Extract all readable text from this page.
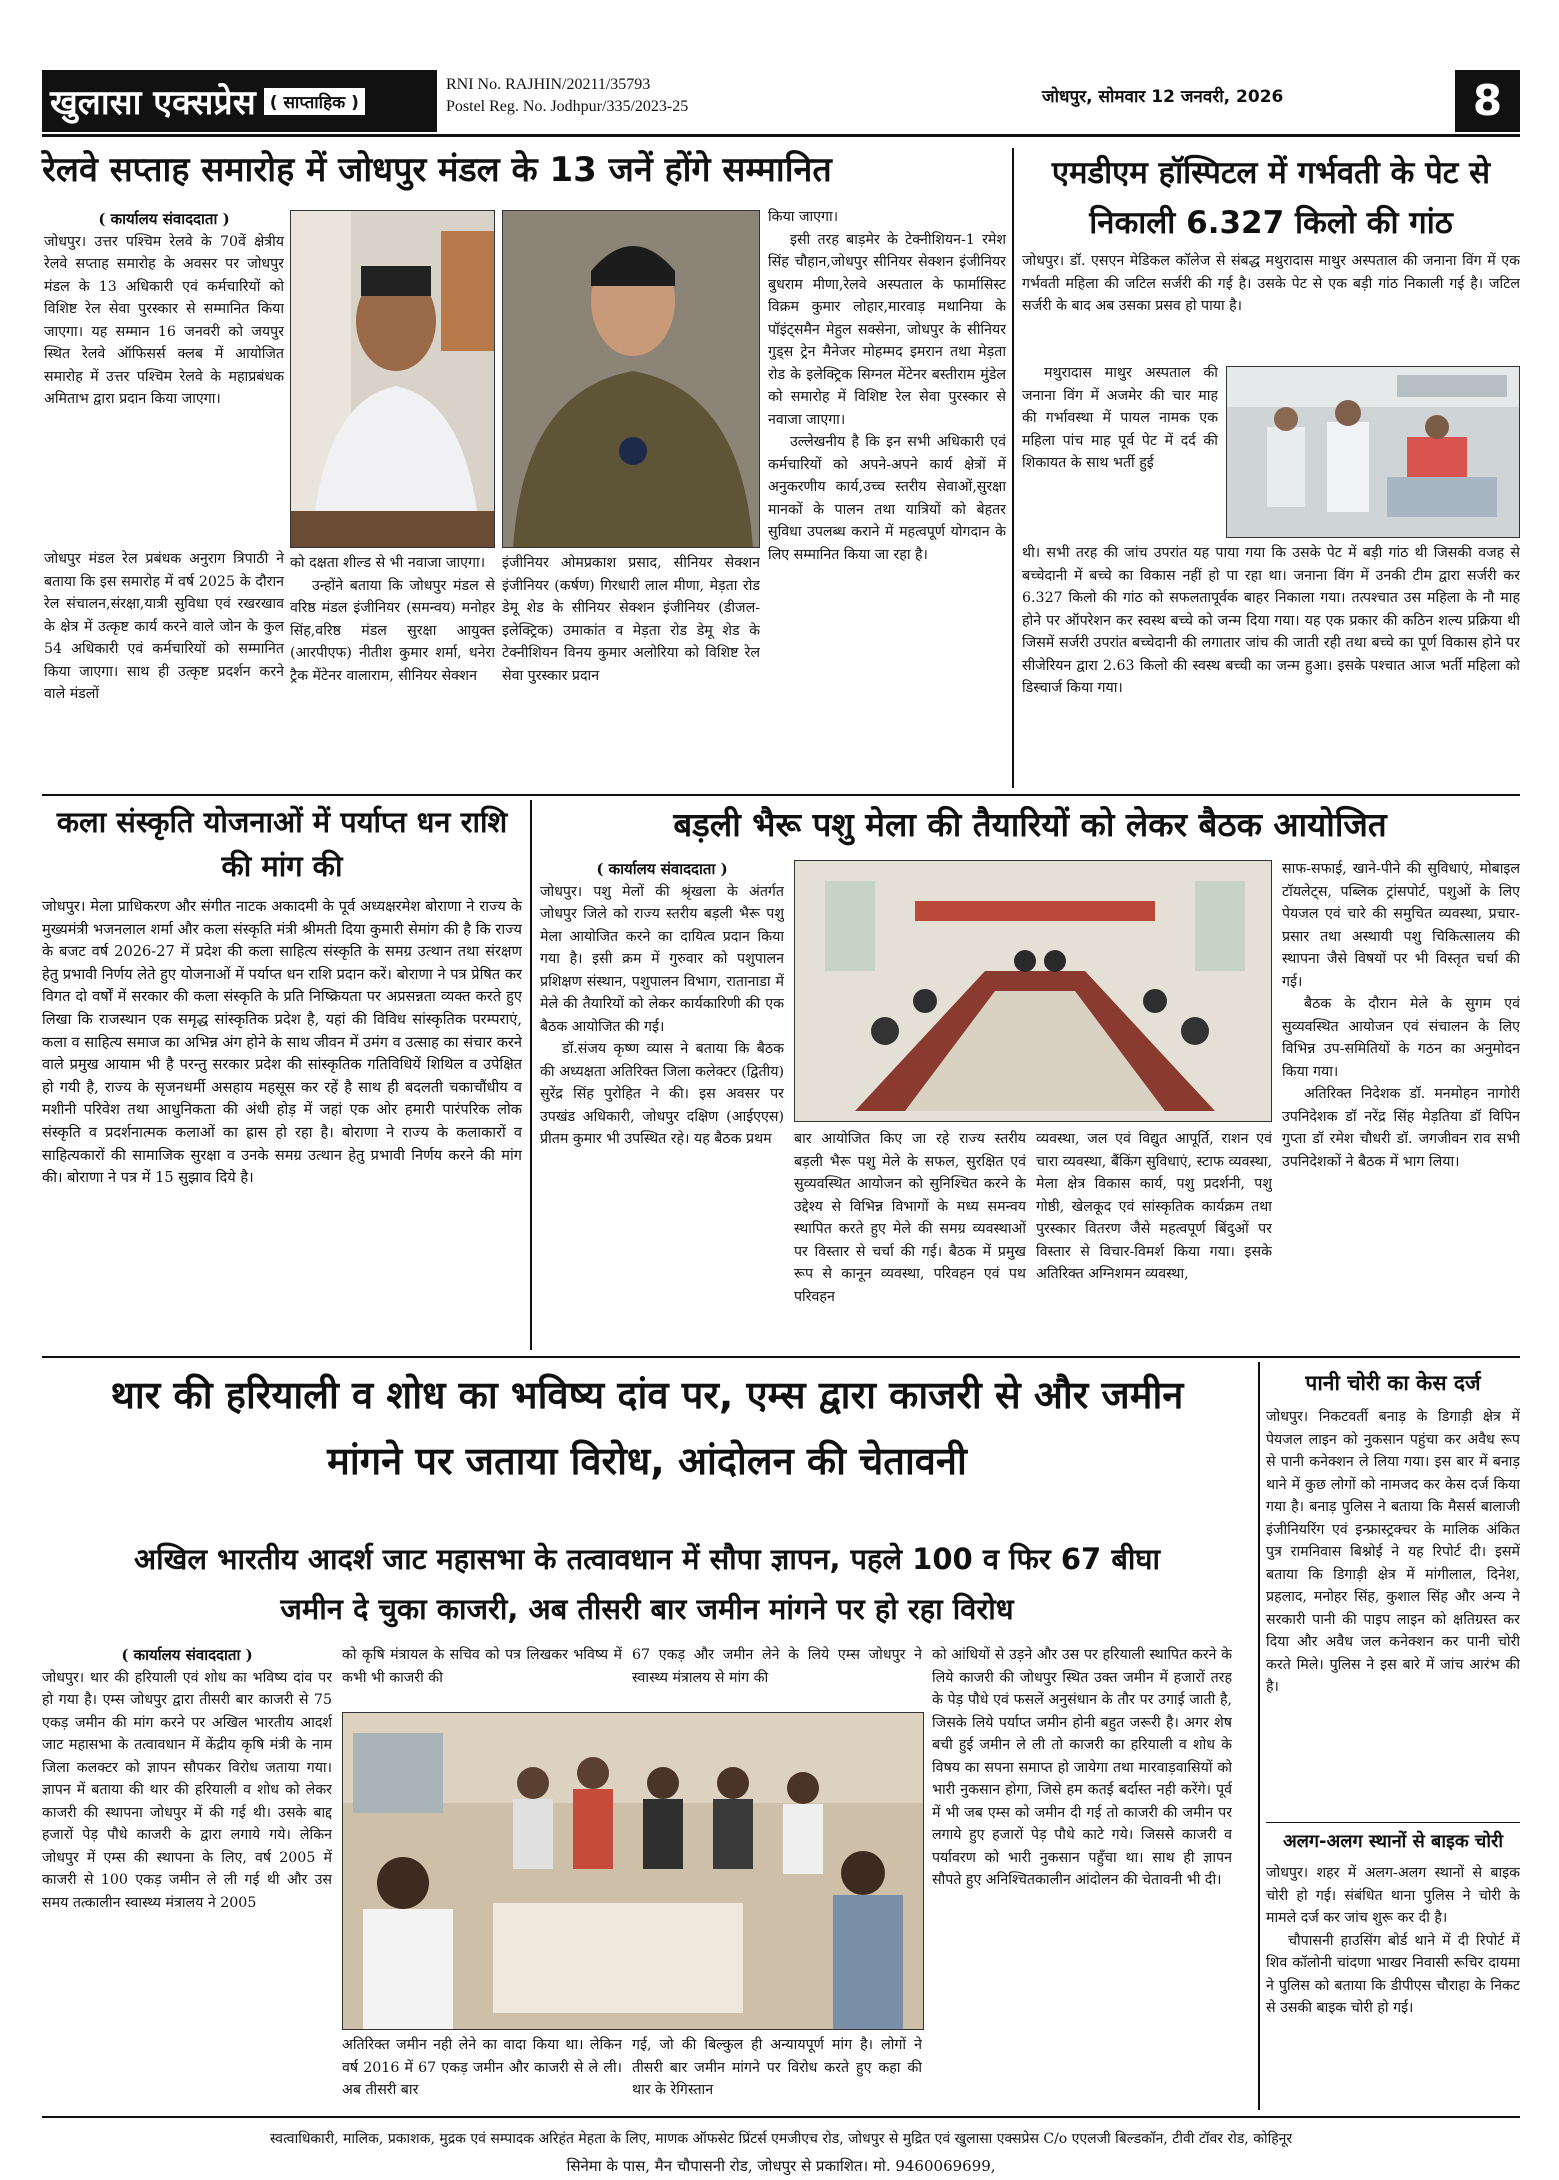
खुलासा एक्सप्रेस ( साप्ताहिक )
RNI No. RAJHIN/20211/35793
Postel Reg. No. Jodhpur/335/2023-25	जोधपुर, सोमवार 12 जनवरी, 2026	8
रेलवे सप्ताह समारोह में जोधपुर मंडल के 13 जनें होंगे सम्मानित
( कार्यालय संवाददाता )

जोधपुर। उत्तर पश्चिम रेलवे के 70वें क्षेत्रीय रेलवे सप्ताह समारोह के अवसर पर जोधपुर मंडल के 13 अधिकारी एवं कर्मचारियों को विशिष्ट रेल सेवा पुरस्कार से सम्मानित किया जाएगा। यह सम्मान 16 जनवरी को जयपुर स्थित रेलवे ऑफिसर्स क्लब में आयोजित समारोह में उत्तर पश्चिम रेलवे के महाप्रबंधक अमिताभ द्वारा प्रदान किया जाएगा।

जोधपुर मंडल रेल प्रबंधक अनुराग त्रिपाठी ने बताया कि इस समारोह में वर्ष 2025 के दौरान रेल संचालन,संरक्षा,यात्री सुविधा एवं रखरखाव के क्षेत्र में उत्कृष्ट कार्य करने वाले जोन के कुल 54 अधिकारी एवं कर्मचारियों को सम्मानित किया जाएगा। साथ ही उत्कृष्ट प्रदर्शन करने वाले मंडलों

को दक्षता शील्ड से भी नवाजा जाएगा।

उन्होंने बताया कि जोधपुर मंडल से वरिष्ठ मंडल इंजीनियर (समन्वय) मनोहर सिंह,वरिष्ठ मंडल सुरक्षा आयुक्त (आरपीएफ) नीतीश कुमार शर्मा, धनेरा ट्रैक मेंटेनर वालाराम, सीनियर सेक्शन

इंजीनियर ओमप्रकाश प्रसाद, सीनियर सेक्शन इंजीनियर (कर्षण) गिरधारी लाल मीणा, मेड़ता रोड डेमू शेड के सीनियर सेक्शन इंजीनियर (डीजल-इलेक्ट्रिक) उमाकांत व मेड़ता रोड डेमू शेड के टेक्नीशियन विनय कुमार अलोरिया को विशिष्ट रेल सेवा पुरस्कार प्रदान

किया जाएगा।

इसी तरह बाड़मेर के टेक्नीशियन-1 रमेश सिंह चौहान,जोधपुर सीनियर सेक्शन इंजीनियर बुधराम मीणा,रेलवे अस्पताल के फार्मासिस्ट विक्रम कुमार लोहार,मारवाड़ मथानिया के पॉइंट्समैन मेहुल सक्सेना, जोधपुर के सीनियर गुड्स ट्रेन मैनेजर मोहम्मद इमरान तथा मेड़ता रोड के इलेक्ट्रिक सिग्नल मेंटेनर बस्तीराम मुंडेल को समारोह में विशिष्ट रेल सेवा पुरस्कार से नवाजा जाएगा।

उल्लेखनीय है कि इन सभी अधिकारी एवं कर्मचारियों को अपने-अपने कार्य क्षेत्रों में अनुकरणीय कार्य,उच्च स्तरीय सेवाओं,सुरक्षा मानकों के पालन तथा यात्रियों को बेहतर सुविधा उपलब्ध कराने में महत्वपूर्ण योगदान के लिए सम्मानित किया जा रहा है।

एमडीएम हॉस्पिटल में गर्भवती के पेट से निकाली 6.327 किलो की गांठ

जोधपुर। डॉ. एसएन मेडिकल कॉलेज से संबद्ध मथुरादास माथुर अस्पताल की जनाना विंग में एक गर्भवती महिला की जटिल सर्जरी की गई है। उसके पेट से एक बड़ी गांठ निकाली गई है। जटिल सर्जरी के बाद अब उसका प्रसव हो पाया है।

मथुरादास माथुर अस्पताल की जनाना विंग में अजमेर की चार माह की गर्भावस्था में पायल नामक एक महिला पांच माह पूर्व पेट में दर्द की शिकायत के साथ भर्ती हुई

थी। सभी तरह की जांच उपरांत यह पाया गया कि उसके पेट में बड़ी गांठ थी जिसकी वजह से बच्चेदानी में बच्चे का विकास नहीं हो पा रहा था। जनाना विंग में उनकी टीम द्वारा सर्जरी कर 6.327 किलो की गांठ को सफलतापूर्वक बाहर निकाला गया। तत्पश्चात उस महिला के नौ माह होने पर ऑपरेशन कर स्वस्थ बच्चे को जन्म दिया गया। यह एक प्रकार की कठिन शल्य प्रक्रिया थी जिसमें सर्जरी उपरांत बच्चेदानी की लगातार जांच की जाती रही तथा बच्चे का पूर्ण विकास होने पर सीजेरियन द्वारा 2.63 किलो की स्वस्थ बच्ची का जन्म हुआ। इसके पश्चात आज भर्ती महिला को डिस्चार्ज किया गया।

कला संस्कृति योजनाओं में पर्याप्त धन राशि की मांग की

जोधपुर। मेला प्राधिकरण और संगीत नाटक अकादमी के पूर्व अध्यक्षरमेश बोराणा ने राज्य के मुख्यमंत्री भजनलाल शर्मा और कला संस्कृति मंत्री श्रीमती दिया कुमारी सेमांग की है कि राज्य के बजट वर्ष 2026-27 में प्रदेश की कला साहित्य संस्कृति के समग्र उत्थान तथा संरक्षण हेतु प्रभावी निर्णय लेते हुए योजनाओं में पर्याप्त धन राशि प्रदान करें। बोराणा ने पत्र प्रेषित कर विगत दो वर्षों में सरकार की कला संस्कृति के प्रति निष्क्रियता पर अप्रसन्नता व्यक्त करते हुए लिखा कि राजस्थान एक समृद्ध सांस्कृतिक प्रदेश है, यहां की विविध सांस्कृतिक परम्पराएं, कला व साहित्य समाज का अभिन्न अंग होने के साथ जीवन में उमंग व उत्साह का संचार करने वाले प्रमुख आयाम भी है परन्तु सरकार प्रदेश की सांस्कृतिक गतिविधियें शिथिल व उपेक्षित हो गयी है, राज्य के सृजनधर्मी असहाय महसूस कर रहें है साथ ही बदलती चकाचौंधीय व मशीनी परिवेश तथा आधुनिकता की अंधी होड़ में जहां एक ओर हमारी पारंपरिक लोक संस्कृति व प्रदर्शनात्मक कलाओं का ह्रास हो रहा है। बोराणा ने राज्य के कलाकारों व साहित्यकारों की सामाजिक सुरक्षा व उनके समग्र उत्थान हेतु प्रभावी निर्णय करने की मांग की। बोराणा ने पत्र में 15 सुझाव दिये है।

बड़ली भैरू पशु मेला की तैयारियों को लेकर बैठक आयोजित
( कार्यालय संवाददाता )

जोधपुर। पशु मेलों की श्रृंखला के अंतर्गत जोधपुर जिले को राज्य स्तरीय बड़ली भैरू पशु मेला आयोजित करने का दायित्व प्रदान किया गया है। इसी क्रम में गुरुवार को पशुपालन प्रशिक्षण संस्थान, पशुपालन विभाग, रातानाडा में मेले की तैयारियों को लेकर कार्यकारिणी की एक बैठक आयोजित की गई।

डॉ.संजय कृष्ण व्यास ने बताया कि बैठक की अध्यक्षता अतिरिक्त जिला कलेक्टर (द्वितीय) सुरेंद्र सिंह पुरोहित ने की। इस अवसर पर उपखंड अधिकारी, जोधपुर दक्षिण (आईएएस) प्रीतम कुमार भी उपस्थित रहे। यह बैठक प्रथम	बार आयोजित किए जा रहे राज्य स्तरीय बड़ली भैरू पशु मेले के सफल, सुरक्षित एवं सुव्यवस्थित आयोजन को सुनिश्चित करने के उद्देश्य से विभिन्न विभागों के मध्य समन्वय स्थापित करते हुए मेले की समग्र व्यवस्थाओं पर विस्तार से चर्चा की गई। बैठक में प्रमुख रूप से कानून व्यवस्था, परिवहन एवं पथ परिवहन

व्यवस्था, जल एवं विद्युत आपूर्ति, राशन एवं चारा व्यवस्था, बैंकिंग सुविधाएं, स्टाफ व्यवस्था, मेला क्षेत्र विकास कार्य, पशु प्रदर्शनी, पशु गोष्ठी, खेलकूद एवं सांस्कृतिक कार्यक्रम तथा पुरस्कार वितरण जैसे महत्वपूर्ण बिंदुओं पर विस्तार से विचार-विमर्श किया गया। इसके अतिरिक्त अग्निशमन व्यवस्था,

साफ-सफाई, खाने-पीने की सुविधाएं, मोबाइल टॉयलेट्स, पब्लिक ट्रांसपोर्ट, पशुओं के लिए पेयजल एवं चारे की समुचित व्यवस्था, प्रचार-प्रसार तथा अस्थायी पशु चिकित्सालय की स्थापना जैसे विषयों पर भी विस्तृत चर्चा की गई।

बैठक के दौरान मेले के सुगम एवं सुव्यवस्थित आयोजन एवं संचालन के लिए विभिन्न उप-समितियों के गठन का अनुमोदन किया गया।

अतिरिक्त निदेशक डॉ. मनमोहन नागोरी उपनिदेशक डॉ नरेंद्र सिंह मेड़तिया डॉ विपिन गुप्ता डॉ रमेश चौधरी डॉ. जगजीवन राव सभी उपनिदेशकों ने बैठक में भाग लिया।

थार की हरियाली व शोध का भविष्य दांव पर, एम्स द्वारा काजरी से और जमीन
मांगने पर जताया विरोध, आंदोलन की चेतावनी
अखिल भारतीय आदर्श जाट महासभा के तत्वावधान में सौपा ज्ञापन, पहले 100 व फिर 67 बीघा
जमीन दे चुका काजरी, अब तीसरी बार जमीन मांगने पर हो रहा विरोध
( कार्यालय संवाददाता )

जोधपुर। थार की हरियाली एवं शोध का भविष्य दांव पर हो गया है। एम्स जोधपुर द्वारा तीसरी बार काजरी से 75 एकड़ जमीन की मांग करने पर अखिल भारतीय आदर्श जाट महासभा के तत्वावधान में केंद्रीय कृषि मंत्री के नाम जिला कलक्टर को ज्ञापन सौपकर विरोध जताया गया। ज्ञापन में बताया की थार की हरियाली व शोध को लेकर काजरी की स्थापना जोधपुर में की गई थी। उसके बाद्द हजारों पेड़ पौधे काजरी के द्वारा लगाये गये। लेकिन जोधपुर में एम्स की स्थापना के लिए, वर्ष 2005 में काजरी से 100 एकड़ जमीन ले ली गई थी और उस समय तत्कालीन स्वास्थ्य मंत्रालय ने 2005

को कृषि मंत्रायल के सचिव को पत्र लिखकर भविष्य में कभी भी काजरी की

67 एकड़ और जमीन लेने के लिये एम्स जोधपुर ने स्वास्थ्य मंत्रालय से मांग की

अतिरिक्त जमीन नही लेने का वादा किया था। लेकिन वर्ष 2016 में 67 एकड़ जमीन और काजरी से ले ली। अब तीसरी बार

गई, जो की बिल्कुल ही अन्यायपूर्ण मांग है। लोगों ने तीसरी बार जमीन मांगने पर विरोध करते हुए कहा की थार के रेगिस्तान

को आंधियों से उड़ने और उस पर हरियाली स्थापित करने के लिये काजरी की जोधपुर स्थित उक्त जमीन में हजारों तरह के पेड़ पौधे एवं फसलें अनुसंधान के तौर पर उगाई जाती है, जिसके लिये पर्याप्त जमीन होनी बहुत जरूरी है। अगर शेष बची हुई जमीन ले ली तो काजरी का हरियाली व शोध के विषय का सपना समाप्त हो जायेगा तथा मारवाड़वासियों को भारी नुकसान होगा, जिसे हम कतई बर्दास्त नही करेंगे। पूर्व में भी जब एम्स को जमीन दी गई तो काजरी की जमीन पर लगाये हुए हजारों पेड़ पौधे काटे गये। जिससे काजरी व पर्यावरण को भारी नुकसान पहुँचा था। साथ ही ज्ञापन सौपते हुए अनिश्चितकालीन आंदोलन की चेतावनी भी दी।

पानी चोरी का केस दर्ज

जोधपुर। निकटवर्ती बनाड़ के डिगाड़ी क्षेत्र में पेयजल लाइन को नुकसान पहुंचा कर अवैध रूप से पानी कनेक्शन ले लिया गया। इस बार में बनाड़ थाने में कुछ लोगों को नामजद कर केस दर्ज किया गया है। बनाड़ पुलिस ने बताया कि मैसर्स बालाजी इंजीनियरिंग एवं इन्फ्रास्ट्रक्चर के मालिक अंकित पुत्र रामनिवास बिश्नोई ने यह रिपोर्ट दी। इसमें बताया कि डिगाड़ी क्षेत्र में मांगीलाल, दिनेश, प्रहलाद, मनोहर सिंह, कुशाल सिंह और अन्य ने सरकारी पानी की पाइप लाइन को क्षतिग्रस्त कर दिया और अवैध जल कनेक्शन कर पानी चोरी करते मिले। पुलिस ने इस बारे में जांच आरंभ की है।

अलग-अलग स्थानों से बाइक चोरी

जोधपुर। शहर में अलग-अलग स्थानों से बाइक चोरी हो गई। संबंधित थाना पुलिस ने चोरी के मामले दर्ज कर जांच शुरू कर दी है।

चौपासनी हाउसिंग बोर्ड थाने में दी रिपोर्ट में शिव कॉलोनी चांदणा भाखर निवासी रूचिर दायमा ने पुलिस को बताया कि डीपीएस चौराहा के निकट से उसकी बाइक चोरी हो गई।

स्वत्वाधिकारी, मालिक, प्रकाशक, मुद्रक एवं सम्पादक अरिहंत मेहता के लिए, माणक ऑफसेट प्रिंटर्स एमजीएच रोड, जोधपुर से मुद्रित एवं खुलासा एक्सप्रेस C/o एएलजी बिल्डकॉन, टीवी टॉवर रोड, कोहिनूर
सिनेमा के पास, मैन चौपासनी रोड, जोधपुर से प्रकाशित। मो. 9460069699,
